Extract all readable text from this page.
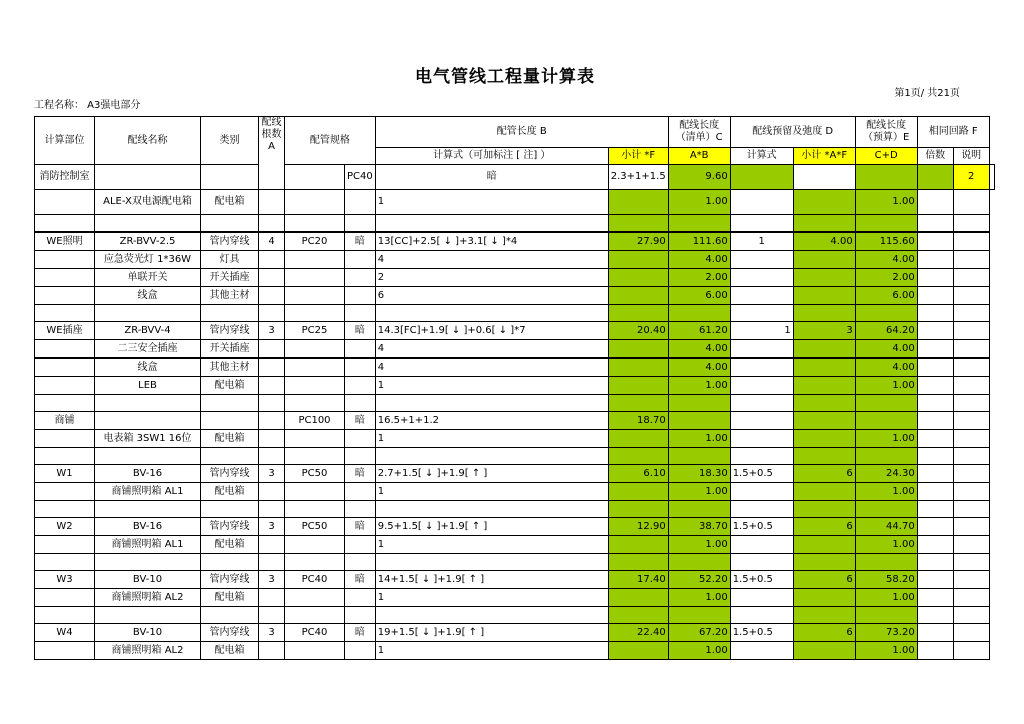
电气管线工程量计算表
第1页/ 共21页
工程名称： A3强电部分
计算部位	配线名称	类别	配线根数A	配管规格		配管长度 B		配线长度（清单）C	配线预留及弛度 D		配线长度（预算）E	相同回路 F		
						计算式（可加标注 [ 注] ）	小计 *F	A*B	计算式	小计 *A*F	C+D	倍数	说明	
消防控制室					PC40	暗	2.3+1+1.5	9.60					2	
	ALE-X双电源配电箱	配电箱				1		1.00			1.00			

WE照明	ZR-BVV-2.5	管内穿线	4	PC20	暗	13[CC]+2.5[ ↓ ]+3.1[ ↓ ]*4	27.90	111.60	1	4.00	115.60			
	应急荧光灯 1*36W	灯具				4		4.00			4.00			
	单联开关	开关插座				2		2.00			2.00			
	线盒	其他主材				6		6.00			6.00			

WE插座	ZR-BVV-4	管内穿线	3	PC25	暗	14.3[FC]+1.9[ ↓ ]+0.6[ ↓ ]*7	20.40	61.20	1	3	64.20			
	二三安全插座	开关插座				4		4.00			4.00			
	线盒	其他主材				4		4.00			4.00			
	LEB	配电箱				1		1.00			1.00			

商铺				PC100	暗	16.5+1+1.2	18.70							
	电表箱 3SW1 16位	配电箱				1		1.00			1.00			

W1	BV-16	管内穿线	3	PC50	暗	2.7+1.5[ ↓ ]+1.9[ ↑ ]	6.10	18.30	1.5+0.5	6	24.30			
	商铺照明箱 AL1	配电箱				1		1.00			1.00			

W2	BV-16	管内穿线	3	PC50	暗	9.5+1.5[ ↓ ]+1.9[ ↑ ]	12.90	38.70	1.5+0.5	6	44.70			
	商铺照明箱 AL1	配电箱				1		1.00			1.00			

W3	BV-10	管内穿线	3	PC40	暗	14+1.5[ ↓ ]+1.9[ ↑ ]	17.40	52.20	1.5+0.5	6	58.20			
	商铺照明箱 AL2	配电箱				1		1.00			1.00			

W4	BV-10	管内穿线	3	PC40	暗	19+1.5[ ↓ ]+1.9[ ↑ ]	22.40	67.20	1.5+0.5	6	73.20			
	商铺照明箱 AL2	配电箱				1		1.00			1.00			
